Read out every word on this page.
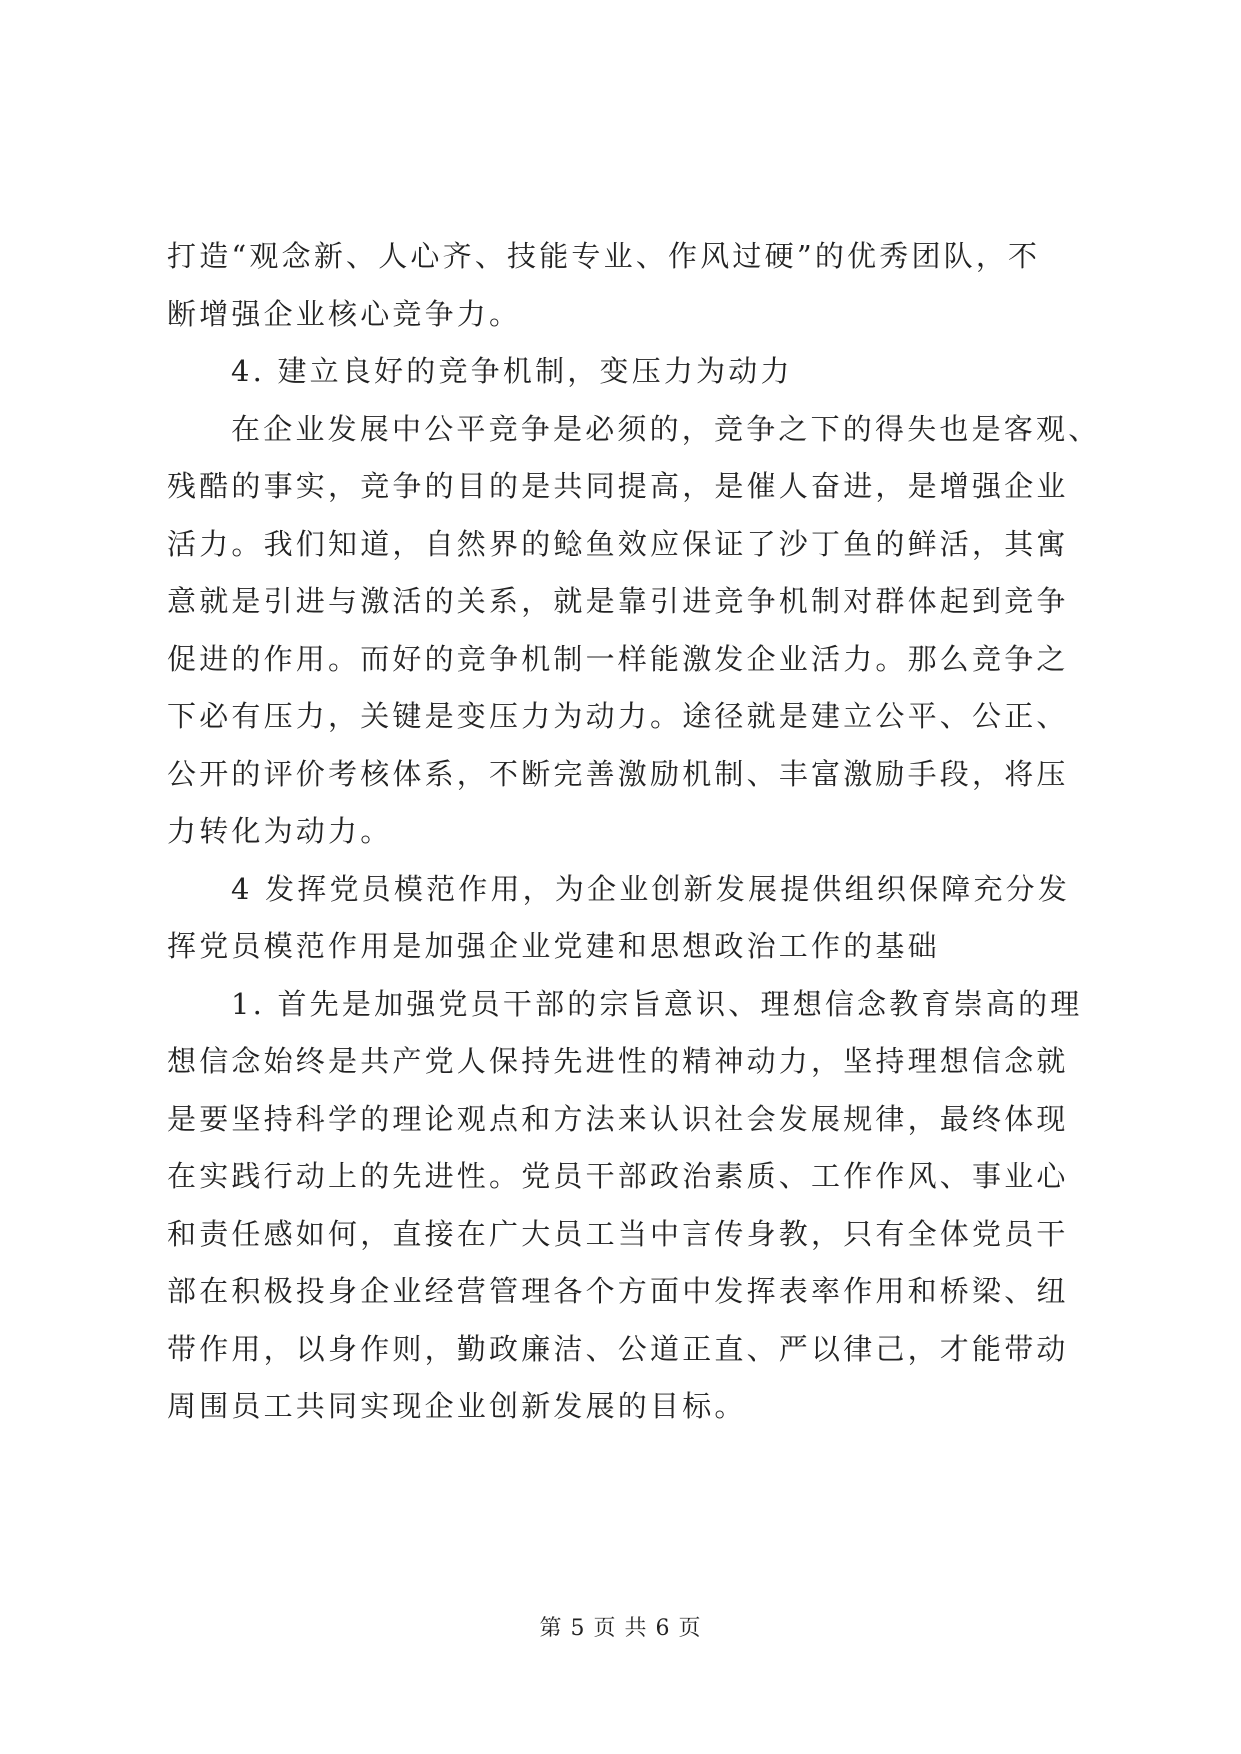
打造“观念新、人心齐、技能专业、作风过硬”的优秀团队，不
断增强企业核心竞争力。
4. 建立良好的竞争机制，变压力为动力
在企业发展中公平竞争是必须的，竞争之下的得失也是客观、
残酷的事实，竞争的目的是共同提高，是催人奋进，是增强企业
活力。我们知道，自然界的鲶鱼效应保证了沙丁鱼的鲜活，其寓
意就是引进与激活的关系，就是靠引进竞争机制对群体起到竞争
促进的作用。而好的竞争机制一样能激发企业活力。那么竞争之
下必有压力，关键是变压力为动力。途径就是建立公平、公正、
公开的评价考核体系，不断完善激励机制、丰富激励手段，将压
力转化为动力。
4 发挥党员模范作用，为企业创新发展提供组织保障充分发
挥党员模范作用是加强企业党建和思想政治工作的基础
1. 首先是加强党员干部的宗旨意识、理想信念教育崇高的理
想信念始终是共产党人保持先进性的精神动力，坚持理想信念就
是要坚持科学的理论观点和方法来认识社会发展规律，最终体现
在实践行动上的先进性。党员干部政治素质、工作作风、事业心
和责任感如何，直接在广大员工当中言传身教，只有全体党员干
部在积极投身企业经营管理各个方面中发挥表率作用和桥梁、纽
带作用，以身作则，勤政廉洁、公道正直、严以律己，才能带动
周围员工共同实现企业创新发展的目标。
第 5 页 共 6 页
